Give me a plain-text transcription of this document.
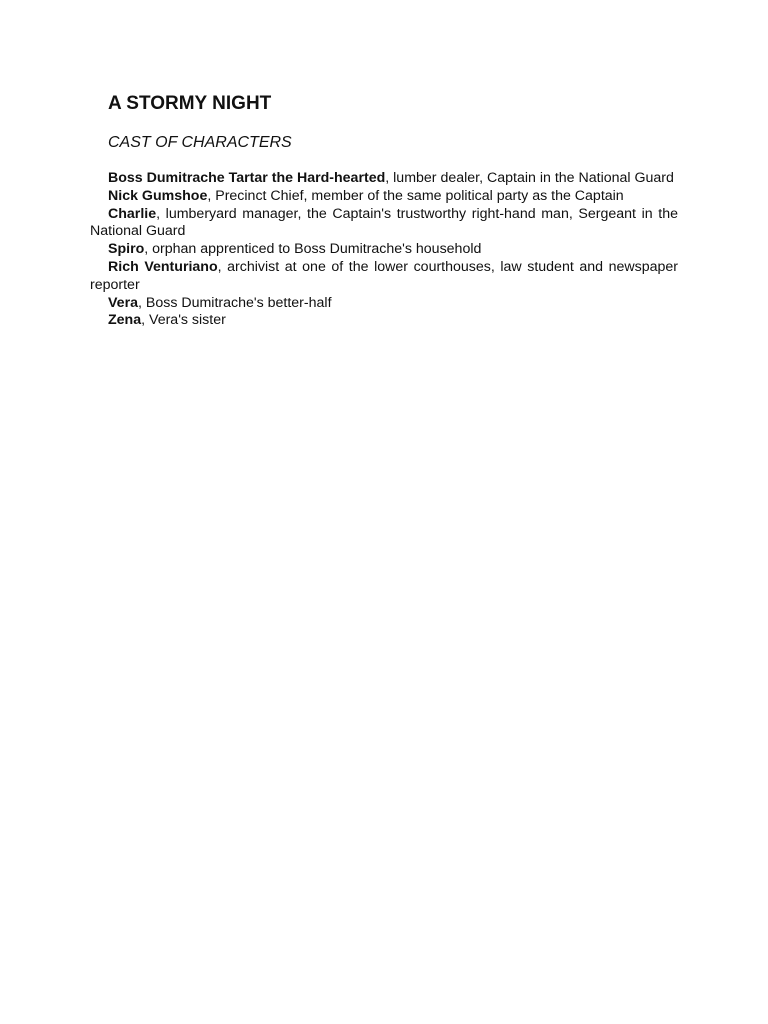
A STORMY NIGHT
CAST OF CHARACTERS

Boss Dumitrache Tartar the Hard-hearted, lumber dealer, Captain in the National Guard

Nick Gumshoe, Precinct Chief, member of the same political party as the Captain

Charlie, lumberyard manager, the Captain's trustworthy right-hand man, Sergeant in the National Guard

Spiro, orphan apprenticed to Boss Dumitrache's household

Rich Venturiano, archivist at one of the lower courthouses, law student and newspaper reporter

Vera, Boss Dumitrache's better-half

Zena, Vera's sister
